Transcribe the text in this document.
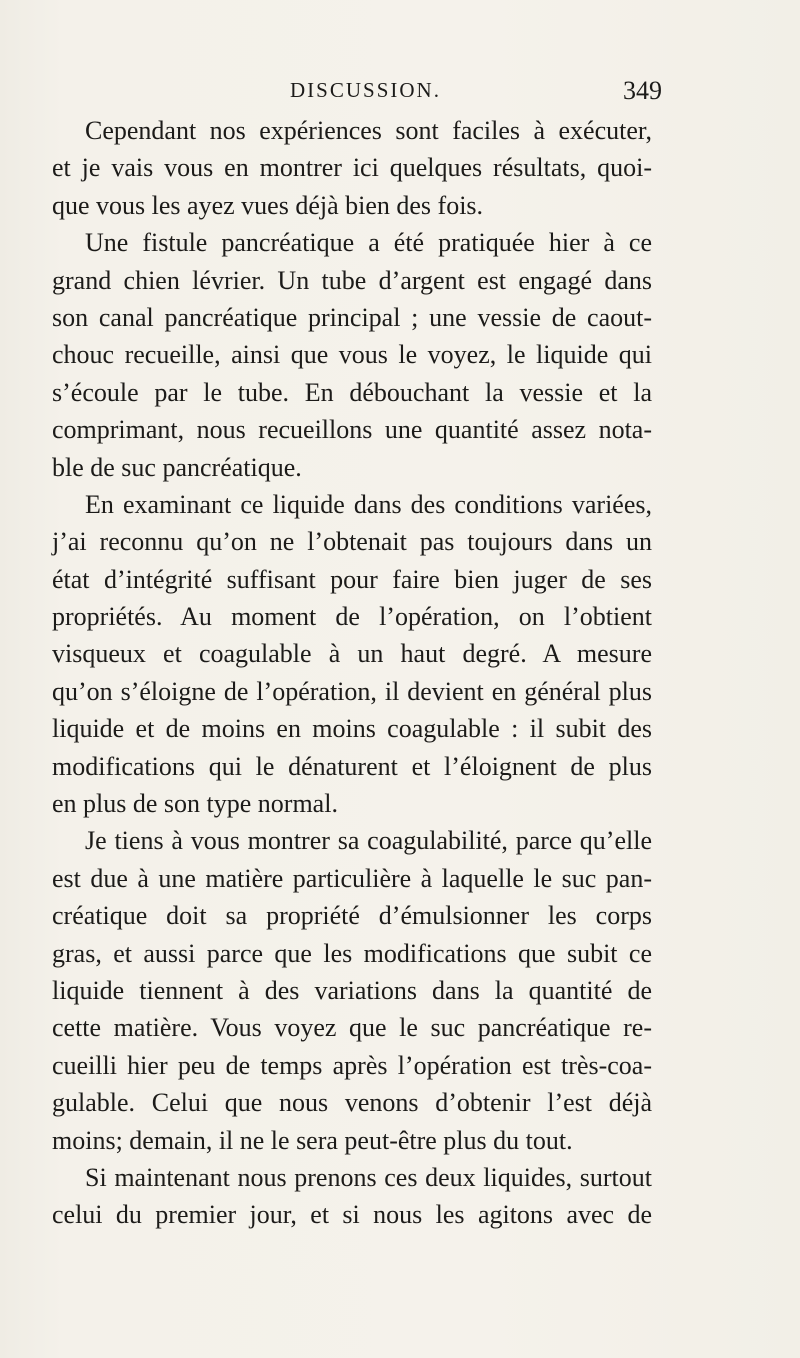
DISCUSSION.	349
Cependant nos expériences sont faciles à exécuter,
et je vais vous en montrer ici quelques résultats, quoi-
que vous les ayez vues déjà bien des fois.
Une fistule pancréatique a été pratiquée hier à ce
grand chien lévrier. Un tube d’argent est engagé dans
son canal pancréatique principal ; une vessie de caout-
chouc recueille, ainsi que vous le voyez, le liquide qui
s’écoule par le tube. En débouchant la vessie et la
comprimant, nous recueillons une quantité assez nota-
ble de suc pancréatique.
En examinant ce liquide dans des conditions variées,
j’ai reconnu qu’on ne l’obtenait pas toujours dans un
état d’intégrité suffisant pour faire bien juger de ses
propriétés. Au moment de l’opération, on l’obtient
visqueux et coagulable à un haut degré. A mesure
qu’on s’éloigne de l’opération, il devient en général plus
liquide et de moins en moins coagulable : il subit des
modifications qui le dénaturent et l’éloignent de plus
en plus de son type normal.
Je tiens à vous montrer sa coagulabilité, parce qu’elle
est due à une matière particulière à laquelle le suc pan-
créatique doit sa propriété d’émulsionner les corps
gras, et aussi parce que les modifications que subit ce
liquide tiennent à des variations dans la quantité de
cette matière. Vous voyez que le suc pancréatique re-
cueilli hier peu de temps après l’opération est très-coa-
gulable. Celui que nous venons d’obtenir l’est déjà
moins; demain, il ne le sera peut-être plus du tout.
Si maintenant nous prenons ces deux liquides, surtout
celui du premier jour, et si nous les agitons avec de
